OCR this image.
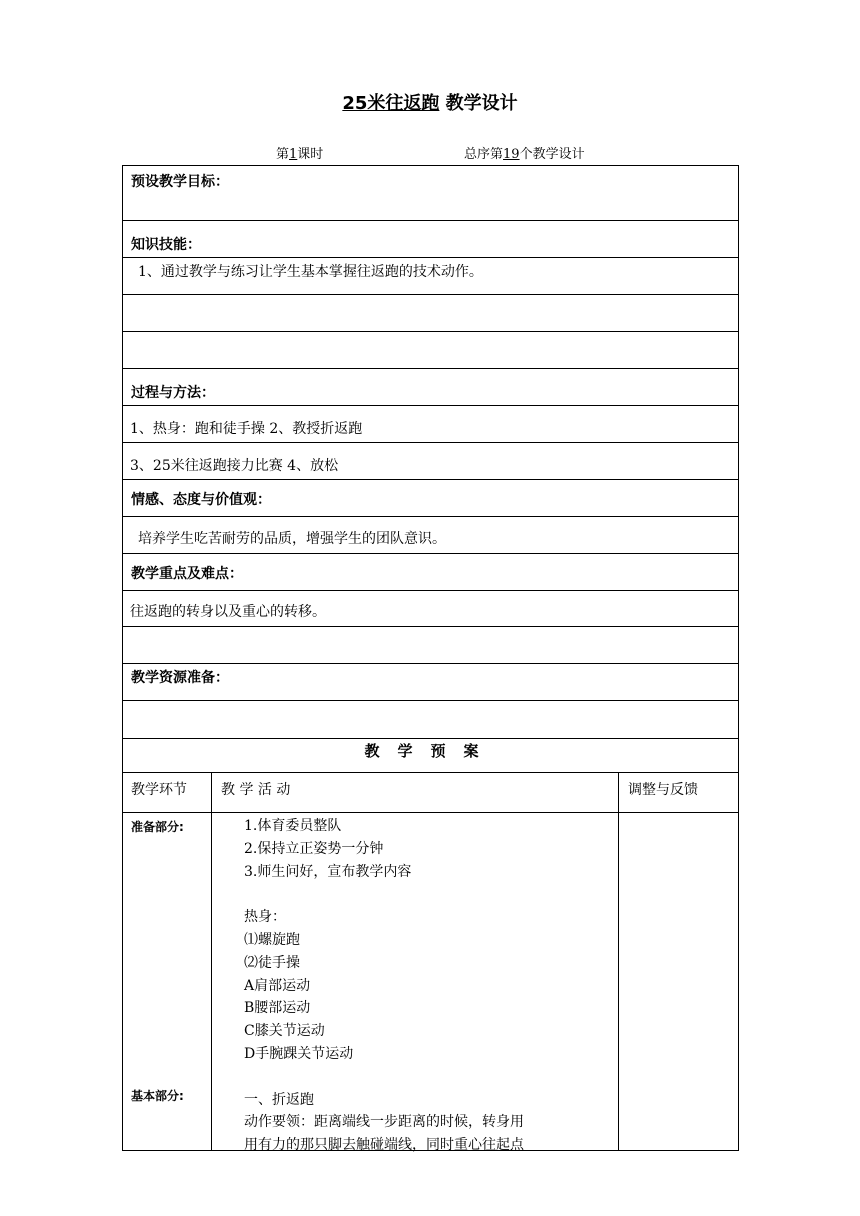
25米往返跑 教学设计
第1课时	总序第19个教学设计
预设教学目标：
知识技能：
1、通过教学与练习让学生基本掌握往返跑的技术动作。
过程与方法：
1、热身：跑和徒手操 2、教授折返跑
3、25米往返跑接力比赛 4、放松
情感、态度与价值观：
培养学生吃苦耐劳的品质，增强学生的团队意识。
教学重点及难点：
往返跑的转身以及重心的转移。
教学资源准备：
教学预案
教学环节 教 学 活 动	调整与反馈
准备部分:
基本部分:
1.体育委员整队
2.保持立正姿势一分钟
3.师生问好，宣布教学内容
热身：
⑴螺旋跑
⑵徒手操
A肩部运动
B腰部运动
C膝关节运动
D手腕踝关节运动
一、折返跑
动作要领：距离端线一步距离的时候，转身用
用有力的那只脚去触碰端线，同时重心往起点
